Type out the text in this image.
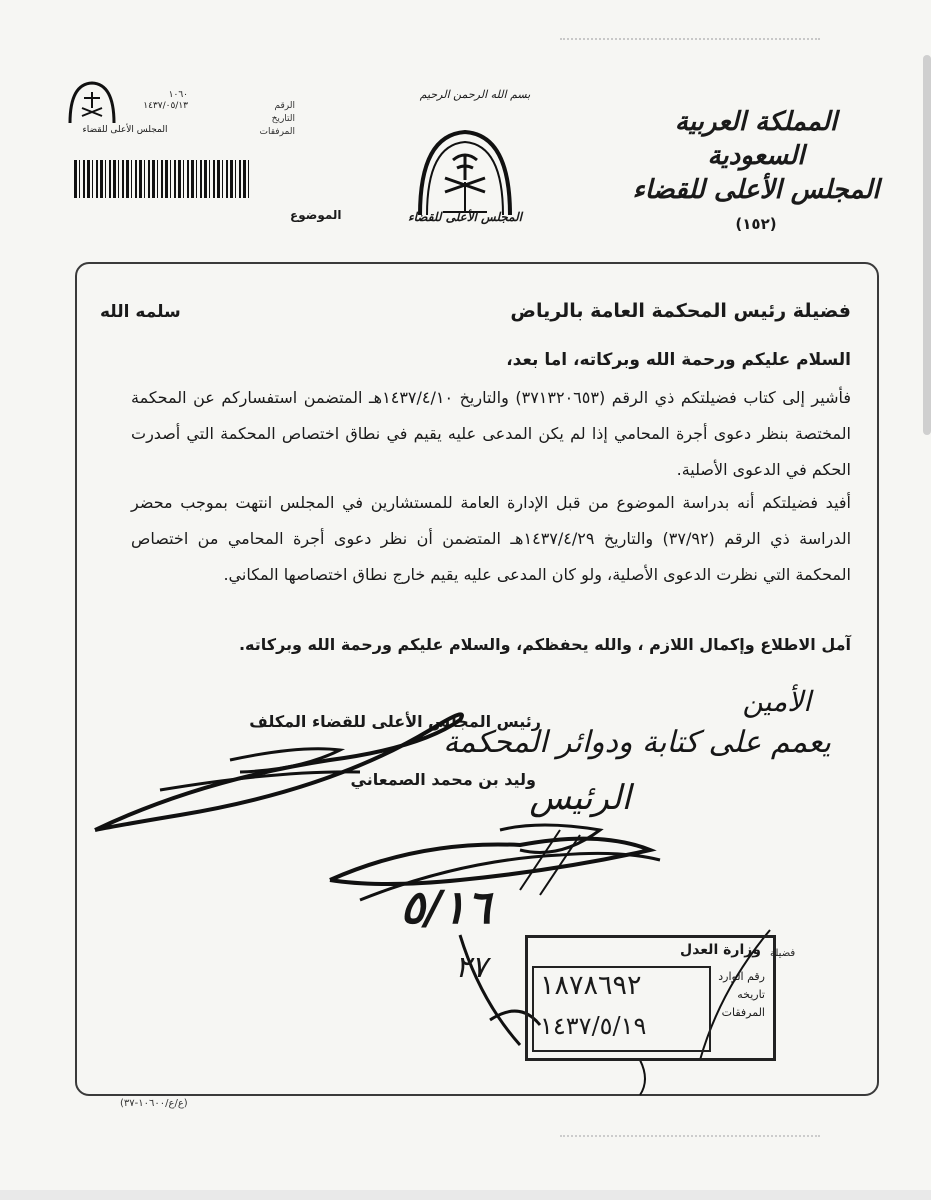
المملكة العربية السعودية
المجلس الأعلى للقضاء
(١٥٢)
بسم الله الرحمن الرحيم
المجلس الأعلى للقضاء
١٠٦٠
١٤٣٧/٠٥/١٣
المجلس الأعلى للقضاء
الرقم
التاريخ
المرفقات
الموضوع
فضيلة رئيس المحكمة العامة بالرياض
سلمه الله
السلام عليكم ورحمة الله وبركاته، اما بعد،
فأشير إلى كتاب فضيلتكم ذي الرقم (٣٧١٣٢٠٦٥٣) والتاريخ ١٤٣٧/٤/١٠هـ المتضمن استفساركم عن المحكمة المختصة بنظر دعوى أجرة المحامي إذا لم يكن المدعى عليه يقيم في نطاق اختصاص المحكمة التي أصدرت الحكم في الدعوى الأصلية.
أفيد فضيلتكم أنه بدراسة الموضوع من قبل الإدارة العامة للمستشارين في المجلس انتهت بموجب محضر الدراسة ذي الرقم (٣٧/٩٢) والتاريخ ١٤٣٧/٤/٢٩هـ المتضمن أن نظر دعوى أجرة المحامي من اختصاص المحكمة التي نظرت الدعوى الأصلية، ولو كان المدعى عليه يقيم خارج نطاق اختصاصها المكاني.
آمل الاطلاع وإكمال اللازم ، والله يحفظكم، والسلام عليكم ورحمة الله وبركاته.
رئيس المجلس الأعلى للقضاء المكلف
وليد بن محمد الصمعاني
الأمين
يعمم على كتابة ودوائر المحكمة
الرئيس
٥/١٦
٢٧	فضيلة
وزارة العدل
رقم الوارد
تاريخه
المرفقات
١٨٧٨٦٩٢
١٤٣٧/٥/١٩
(ع/ع/١٠٦٠٠-٣٧)
